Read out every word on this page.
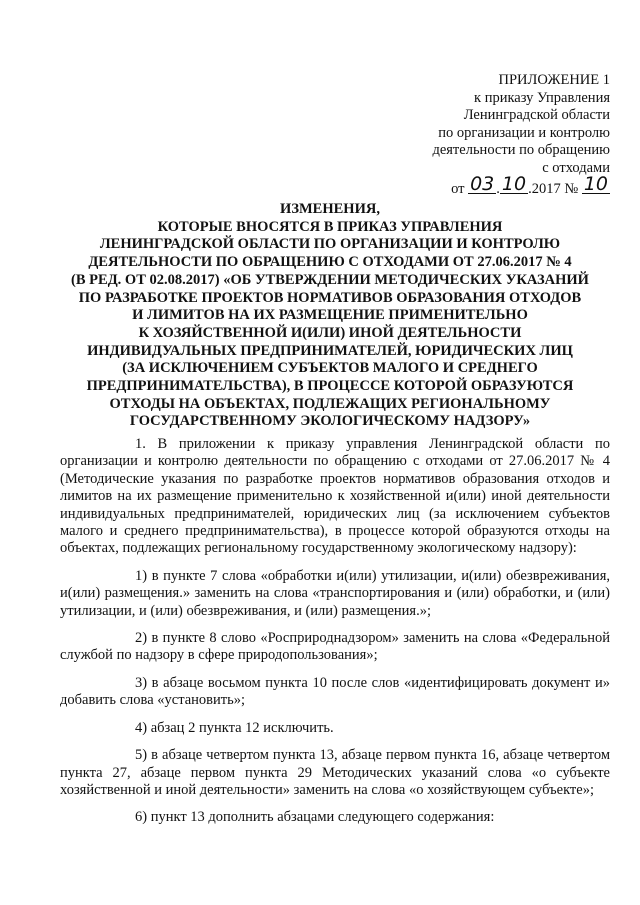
ПРИЛОЖЕНИЕ 1
к приказу Управления
Ленинградской области
по организации и контролю
деятельности по обращению
с отходами
от 03 . 10 .2017 № 10
ИЗМЕНЕНИЯ,
КОТОРЫЕ ВНОСЯТСЯ В ПРИКАЗ УПРАВЛЕНИЯ
ЛЕНИНГРАДСКОЙ ОБЛАСТИ ПО ОРГАНИЗАЦИИ И КОНТРОЛЮ
ДЕЯТЕЛЬНОСТИ ПО ОБРАЩЕНИЮ С ОТХОДАМИ ОТ 27.06.2017 № 4
(В РЕД. ОТ 02.08.2017) «ОБ УТВЕРЖДЕНИИ МЕТОДИЧЕСКИХ УКАЗАНИЙ
ПО РАЗРАБОТКЕ ПРОЕКТОВ НОРМАТИВОВ ОБРАЗОВАНИЯ ОТХОДОВ
И ЛИМИТОВ НА ИХ РАЗМЕЩЕНИЕ ПРИМЕНИТЕЛЬНО
К ХОЗЯЙСТВЕННОЙ И(ИЛИ) ИНОЙ ДЕЯТЕЛЬНОСТИ
ИНДИВИДУАЛЬНЫХ ПРЕДПРИНИМАТЕЛЕЙ, ЮРИДИЧЕСКИХ ЛИЦ
(ЗА ИСКЛЮЧЕНИЕМ СУБЪЕКТОВ МАЛОГО И СРЕДНЕГО
ПРЕДПРИНИМАТЕЛЬСТВА), В ПРОЦЕССЕ КОТОРОЙ ОБРАЗУЮТСЯ
ОТХОДЫ НА ОБЪЕКТАХ, ПОДЛЕЖАЩИХ РЕГИОНАЛЬНОМУ
ГОСУДАРСТВЕННОМУ ЭКОЛОГИЧЕСКОМУ НАДЗОРУ»

1. В приложении к приказу управления Ленинградской области по организации и контролю деятельности по обращению с отходами от 27.06.2017 № 4 (Методические указания по разработке проектов нормативов образования отходов и лимитов на их размещение применительно к хозяйственной и(или) иной деятельности индивидуальных предпринимателей, юридических лиц (за исключением субъектов малого и среднего предпринимательства), в процессе которой образуются отходы на объектах, подлежащих региональному государственному экологическому надзору):

1) в пункте 7 слова «обработки и(или) утилизации, и(или) обезвреживания, и(или) размещения.» заменить на слова «транспортирования и (или) обработки, и (или) утилизации, и (или) обезвреживания, и (или) размещения.»;

2) в пункте 8 слово «Росприроднадзором» заменить на слова «Федеральной службой по надзору в сфере природопользования»;

3) в абзаце восьмом пункта 10 после слов «идентифицировать документ и» добавить слова «установить»;

4) абзац 2 пункта 12 исключить.

5) в абзаце четвертом пункта 13, абзаце первом пункта 16, абзаце четвертом пункта 27, абзаце первом пункта 29 Методических указаний слова «о субъекте хозяйственной и иной деятельности» заменить на слова «о хозяйствующем субъекте»;

6) пункт 13 дополнить абзацами следующего содержания:
